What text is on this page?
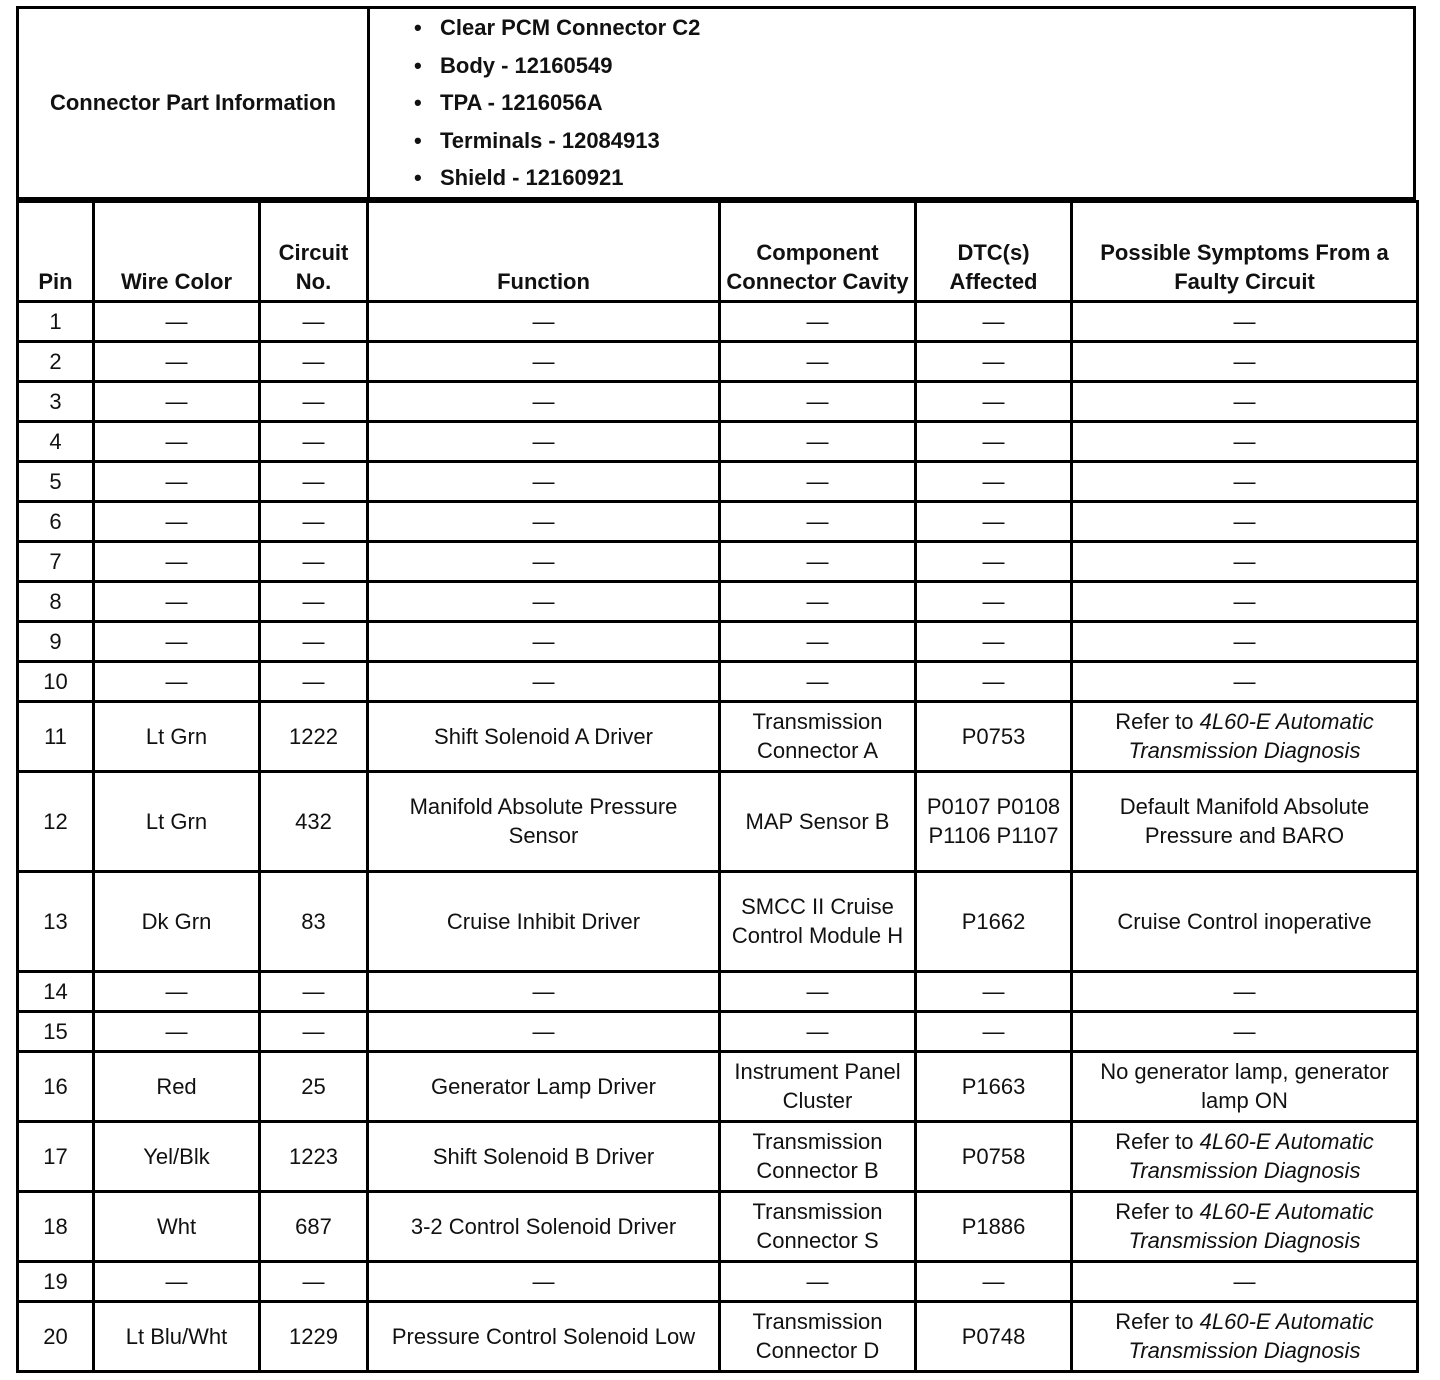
Connector Part Information	
• Clear PCM Connector C2
• Body - 12160549
• TPA - 1216056A
• Terminals - 12084913
• Shield - 12160921
Pin	Wire Color	Circuit No.	Function	Component Connector Cavity	DTC(s) Affected	Possible Symptoms From a Faulty Circuit
1	—	—	—	—	—	—
2	—	—	—	—	—	—
3	—	—	—	—	—	—
4	—	—	—	—	—	—
5	—	—	—	—	—	—
6	—	—	—	—	—	—
7	—	—	—	—	—	—
8	—	—	—	—	—	—
9	—	—	—	—	—	—
10	—	—	—	—	—	—
11	Lt Grn	1222	Shift Solenoid A Driver	Transmission Connector A	P0753	Refer to 4L60-E Automatic Transmission Diagnosis
12	Lt Grn	432	Manifold Absolute Pressure Sensor	MAP Sensor B	P0107 P0108 P1106 P1107	Default Manifold Absolute Pressure and BARO
13	Dk Grn	83	Cruise Inhibit Driver	SMCC II Cruise Control Module H	P1662	Cruise Control inoperative
14	—	—	—	—	—	—
15	—	—	—	—	—	—
16	Red	25	Generator Lamp Driver	Instrument Panel Cluster	P1663	No generator lamp, generator lamp ON
17	Yel/Blk	1223	Shift Solenoid B Driver	Transmission Connector B	P0758	Refer to 4L60-E Automatic Transmission Diagnosis
18	Wht	687	3-2 Control Solenoid Driver	Transmission Connector S	P1886	Refer to 4L60-E Automatic Transmission Diagnosis
19	—	—	—	—	—	—
20	Lt Blu/Wht	1229	Pressure Control Solenoid Low	Transmission Connector D	P0748	Refer to 4L60-E Automatic Transmission Diagnosis
